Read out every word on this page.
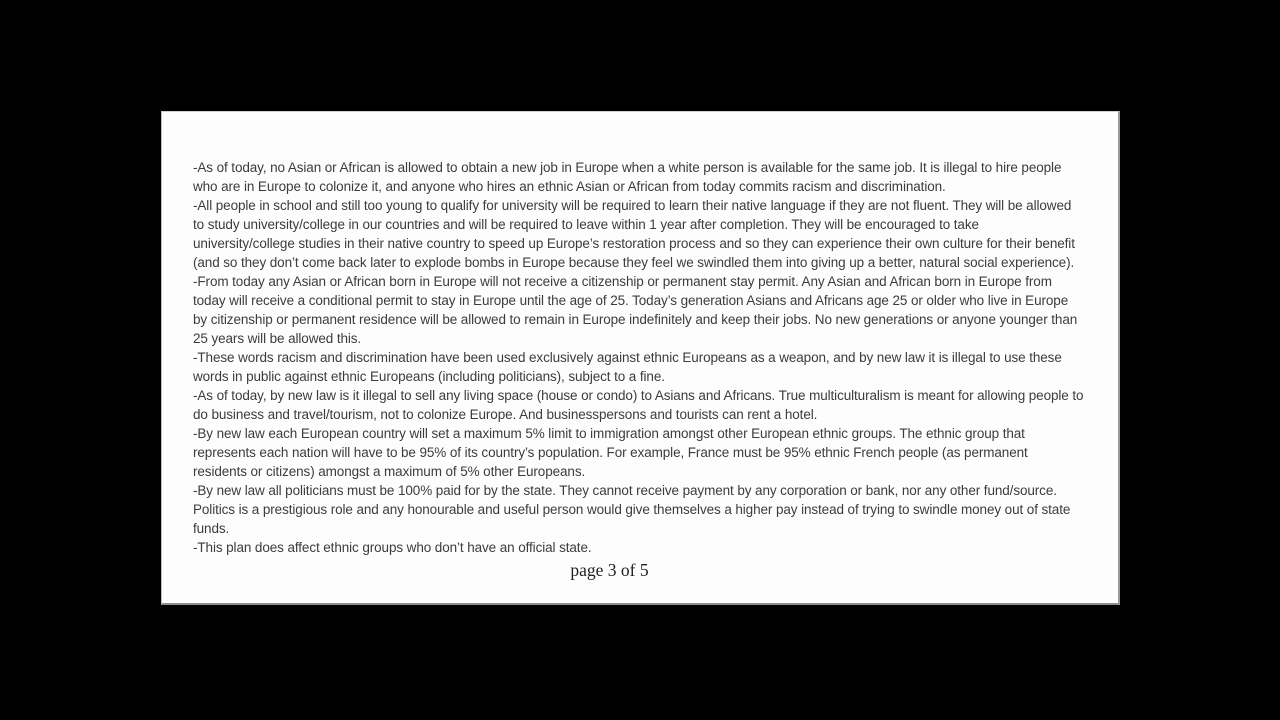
-As of today, no Asian or African is allowed to obtain a new job in Europe when a white person is available for the same job. It is illegal to hire people who are in Europe to colonize it, and anyone who hires an ethnic Asian or African from today commits racism and discrimination.

-All people in school and still too young to qualify for university will be required to learn their native language if they are not fluent. They will be allowed to study university/college in our countries and will be required to leave within 1 year after completion. They will be encouraged to take university/college studies in their native country to speed up Europe’s restoration process and so they can experience their own culture for their benefit (and so they don’t come back later to explode bombs in Europe because they feel we swindled them into giving up a better, natural social experience).

-From today any Asian or African born in Europe will not receive a citizenship or permanent stay permit. Any Asian and African born in Europe from today will receive a conditional permit to stay in Europe until the age of 25. Today’s generation Asians and Africans age 25 or older who live in Europe by citizenship or permanent residence will be allowed to remain in Europe indefinitely and keep their jobs. No new generations or anyone younger than 25 years will be allowed this.

-These words racism and discrimination have been used exclusively against ethnic Europeans as a weapon, and by new law it is illegal to use these words in public against ethnic Europeans (including politicians), subject to a fine.

-As of today, by new law is it illegal to sell any living space (house or condo) to Asians and Africans. True multiculturalism is meant for allowing people to do business and travel/tourism, not to colonize Europe. And businesspersons and tourists can rent a hotel.

-By new law each European country will set a maximum 5% limit to immigration amongst other European ethnic groups. The ethnic group that represents each nation will have to be 95% of its country’s population. For example, France must be 95% ethnic French people (as permanent residents or citizens) amongst a maximum of 5% other Europeans.

-By new law all politicians must be 100% paid for by the state. They cannot receive payment by any corporation or bank, nor any other fund/source. Politics is a prestigious role and any honourable and useful person would give themselves a higher pay instead of trying to swindle money out of state funds.

-This plan does affect ethnic groups who don’t have an official state.

page 3 of 5
